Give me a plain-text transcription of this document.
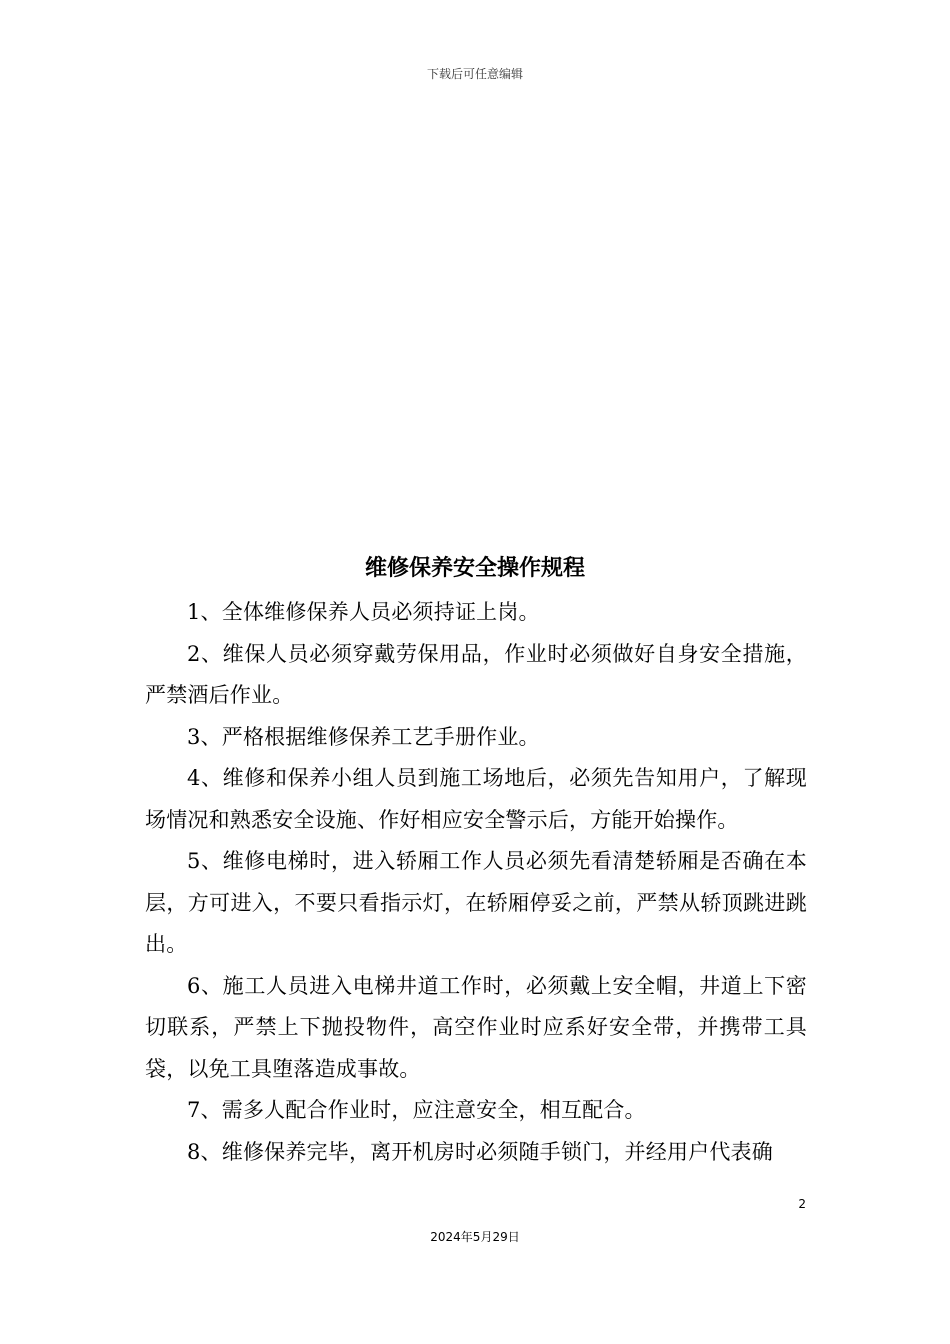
下载后可任意编辑
维修保养安全操作规程

1、全体维修保养人员必须持证上岗。

2、维保人员必须穿戴劳保用品，作业时必须做好自身安全措施，严禁酒后作业。

3、严格根据维修保养工艺手册作业。

4、维修和保养小组人员到施工场地后，必须先告知用户，了解现场情况和熟悉安全设施、作好相应安全警示后，方能开始操作。

5、维修电梯时，进入轿厢工作人员必须先看清楚轿厢是否确在本层，方可进入，不要只看指示灯，在轿厢停妥之前，严禁从轿顶跳进跳出。

6、施工人员进入电梯井道工作时，必须戴上安全帽，井道上下密切联系，严禁上下抛投物件，高空作业时应系好安全带，并携带工具袋，以免工具堕落造成事故。

7、需多人配合作业时，应注意安全，相互配合。

8、维修保养完毕，离开机房时必须随手锁门，并经用户代表确

2
2024年5月29日
